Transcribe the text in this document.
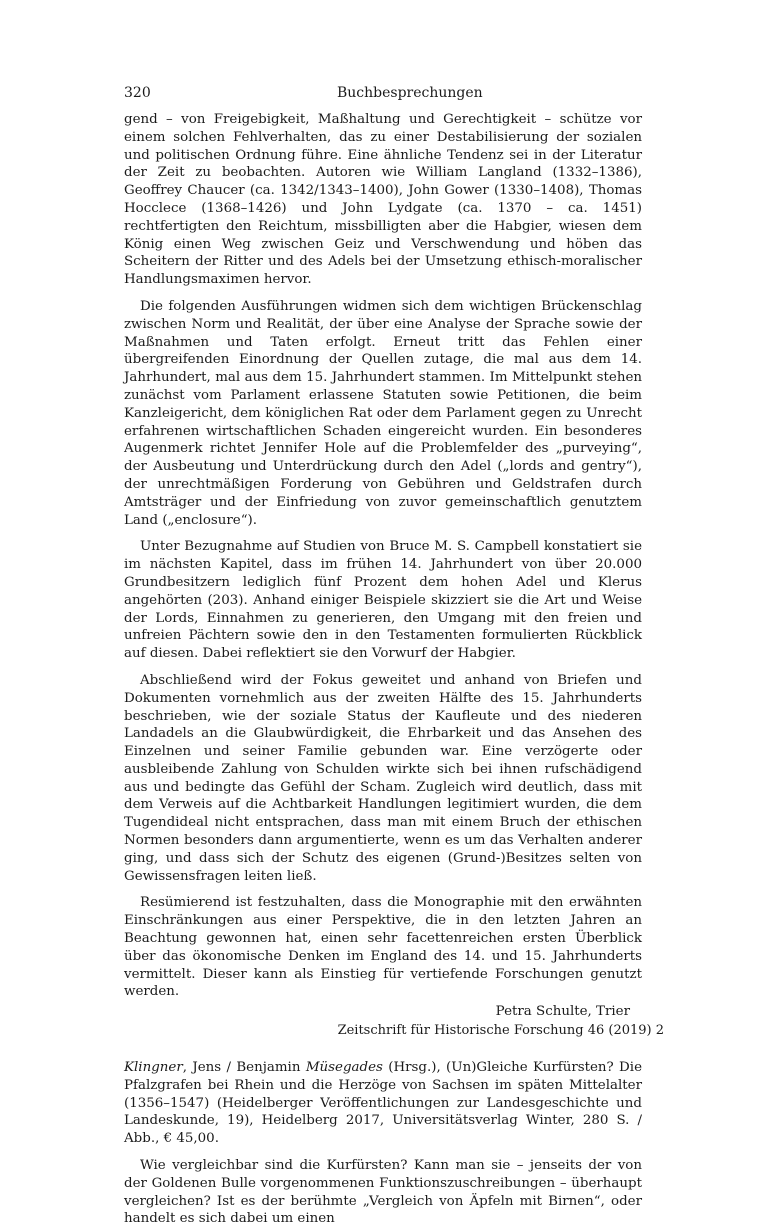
320	Buchbesprechungen

gend – von Freigebigkeit, Maßhaltung und Gerechtigkeit – schütze vor einem solchen Fehlverhalten, das zu einer Destabilisierung der sozialen und politischen Ordnung führe. Eine ähnliche Tendenz sei in der Literatur der Zeit zu beobachten. Autoren wie William Langland (1332–1386), Geoffrey Chaucer (ca. 1342/1343–1400), John Gower (1330–1408), Thomas Hocclece (1368–1426) und John Lydgate (ca. 1370 – ca. 1451) rechtfertigten den Reichtum, missbilligten aber die Habgier, wiesen dem König einen Weg zwischen Geiz und Verschwendung und höben das Scheitern der Ritter und des Adels bei der Umsetzung ethisch-moralischer Handlungsmaximen hervor.

Die folgenden Ausführungen widmen sich dem wichtigen Brückenschlag zwischen Norm und Realität, der über eine Analyse der Sprache sowie der Maßnahmen und Taten erfolgt. Erneut tritt das Fehlen einer übergreifenden Einordnung der Quellen zutage, die mal aus dem 14. Jahrhundert, mal aus dem 15. Jahrhundert stammen. Im Mittelpunkt stehen zunächst vom Parlament erlassene Statuten sowie Petitionen, die beim Kanzleigericht, dem königlichen Rat oder dem Parlament gegen zu Unrecht erfahrenen wirtschaftlichen Schaden eingereicht wurden. Ein besonderes Augenmerk richtet Jennifer Hole auf die Problemfelder des „purveying“, der Ausbeutung und Unterdrückung durch den Adel („lords and gentry“), der unrechtmäßigen Forderung von Gebühren und Geldstrafen durch Amtsträger und der Einfriedung von zuvor gemeinschaftlich genutztem Land („enclosure“).

Unter Bezugnahme auf Studien von Bruce M. S. Campbell konstatiert sie im nächsten Kapitel, dass im frühen 14. Jahrhundert von über 20.000 Grundbesitzern lediglich fünf Prozent dem hohen Adel und Klerus angehörten (203). Anhand einiger Beispiele skizziert sie die Art und Weise der Lords, Einnahmen zu generieren, den Umgang mit den freien und unfreien Pächtern sowie den in den Testamenten formulierten Rückblick auf diesen. Dabei reflektiert sie den Vorwurf der Habgier.

Abschließend wird der Fokus geweitet und anhand von Briefen und Dokumenten vornehmlich aus der zweiten Hälfte des 15. Jahrhunderts beschrieben, wie der soziale Status der Kaufleute und des niederen Landadels an die Glaubwürdigkeit, die Ehrbarkeit und das Ansehen des Einzelnen und seiner Familie gebunden war. Eine verzögerte oder ausbleibende Zahlung von Schulden wirkte sich bei ihnen rufschädigend aus und bedingte das Gefühl der Scham. Zugleich wird deutlich, dass mit dem Verweis auf die Achtbarkeit Handlungen legitimiert wurden, die dem Tugendideal nicht entsprachen, dass man mit einem Bruch der ethischen Normen besonders dann argumentierte, wenn es um das Verhalten anderer ging, und dass sich der Schutz des eigenen (Grund-)Besitzes selten von Gewissensfragen leiten ließ.

Resümierend ist festzuhalten, dass die Monographie mit den erwähnten Einschränkungen aus einer Perspektive, die in den letzten Jahren an Beachtung gewonnen hat, einen sehr facettenreichen ersten Überblick über das ökonomische Denken im England des 14. und 15. Jahrhunderts vermittelt. Dieser kann als Einstieg für vertiefende Forschungen genutzt werden.

Petra Schulte, Trier

Klingner, Jens / Benjamin Müsegades (Hrsg.), (Un)Gleiche Kurfürsten? Die Pfalzgrafen bei Rhein und die Herzöge von Sachsen im späten Mittelalter (1356–1547) (Heidelberger Veröffentlichungen zur Landesgeschichte und Landeskunde, 19), Heidelberg 2017, Universitätsverlag Winter, 280 S. / Abb., € 45,00.

Wie vergleichbar sind die Kurfürsten? Kann man sie – jenseits der von der Goldenen Bulle vorgenommenen Funktionszuschreibungen – überhaupt vergleichen? Ist es der berühmte „Vergleich von Äpfeln mit Birnen“, oder handelt es sich dabei um einen

Zeitschrift für Historische Forschung 46 (2019) 2
